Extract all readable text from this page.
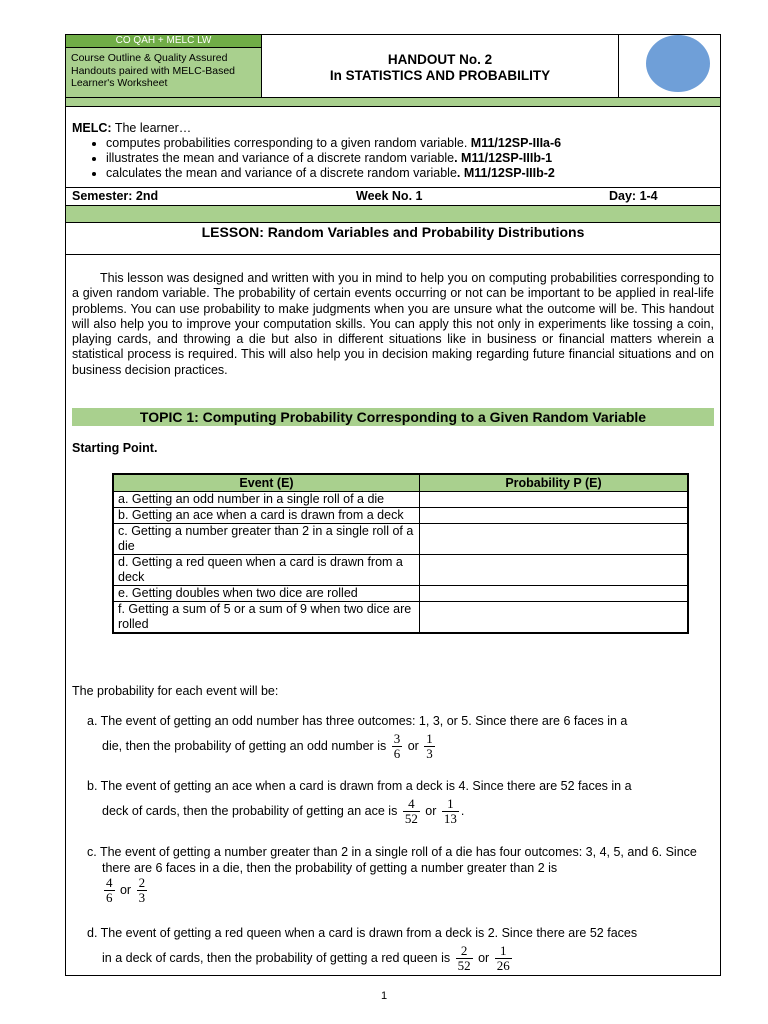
CO QAH + MELC LW
Course Outline & Quality Assured Handouts paired with MELC-Based Learner's Worksheet
HANDOUT No. 2
In STATISTICS AND PROBABILITY
MELC: The learner…
• computes probabilities corresponding to a given random variable. M11/12SP-IIIa-6
• illustrates the mean and variance of a discrete random variable. M11/12SP-IIIb-1
• calculates the mean and variance of a discrete random variable. M11/12SP-IIIb-2
Semester: 2nd	Week No. 1	Day: 1-4
LESSON: Random Variables and Probability Distributions
This lesson was designed and written with you in mind to help you on computing probabilities corresponding to a given random variable. The probability of certain events occurring or not can be important to be applied in real-life problems. You can use probability to make judgments when you are unsure what the outcome will be. This handout will also help you to improve your computation skills. You can apply this not only in experiments like tossing a coin, playing cards, and throwing a die but also in different situations like in business or financial matters wherein a statistical process is required. This will also help you in decision making regarding future financial situations and on business decision practices.
TOPIC 1: Computing Probability Corresponding to a Given Random Variable
Starting Point.
Event (E)	Probability P (E)
a. Getting an odd number in a single roll of a die	
b. Getting an ace when a card is drawn from a deck	
c. Getting a number greater than 2 in a single roll of a die	
d. Getting a red queen when a card is drawn from a deck	
e. Getting doubles when two dice are rolled	
f. Getting a sum of 5 or a sum of 9 when two dice are rolled	
The probability for each event will be:
a. The event of getting an odd number has three outcomes: 1, 3, or 5. Since there are 6 faces in a
die, then the probability of getting an odd number is $\frac{3}{6}$ or $\frac{1}{3}$
b. The event of getting an ace when a card is drawn from a deck is 4. Since there are 52 faces in a
deck of cards, then the probability of getting an ace is $\frac{4}{52}$ or $\frac{1}{13}$ .
c. The event of getting a number greater than 2 in a single roll of a die has four outcomes: 3, 4, 5, and 6. Since there are 6 faces in a die, then the probability of getting a number greater than 2 is
$\frac{4}{6}$ or $\frac{2}{3}$
d. The event of getting a red queen when a card is drawn from a deck is 2. Since there are 52 faces
in a deck of cards, then the probability of getting a red queen is $\frac{2}{52}$ or $\frac{1}{26}$
1
